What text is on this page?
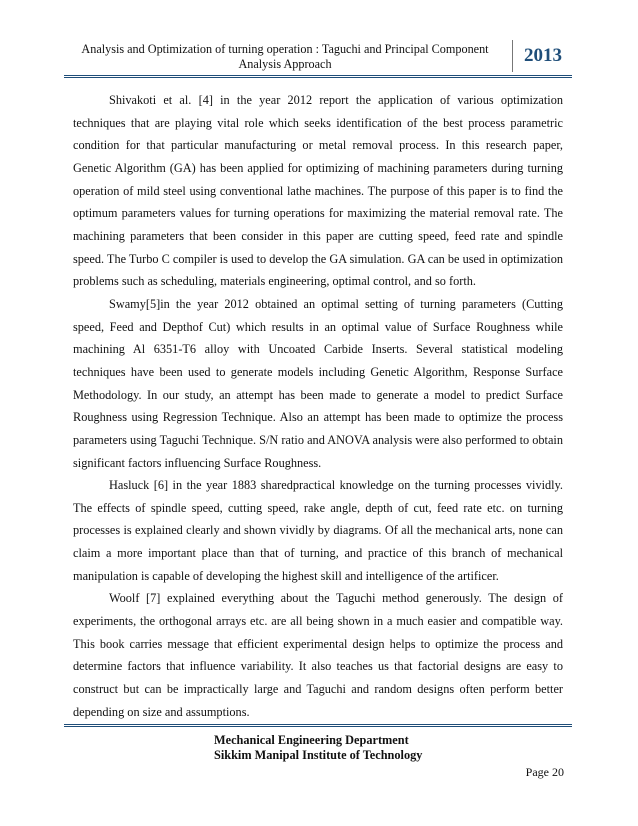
Analysis and Optimization of turning operation : Taguchi and Principal Component
Analysis Approach	2013

Shivakoti et al. [4] in the year 2012 report the application of various optimization techniques that are playing vital role which seeks identification of the best process parametric condition for that particular manufacturing or metal removal process. In this research paper, Genetic Algorithm (GA) has been applied for optimizing of machining parameters during turning operation of mild steel using conventional lathe machines. The purpose of this paper is to find the optimum parameters values for turning operations for maximizing the material removal rate. The machining parameters that been consider in this paper are cutting speed, feed rate and spindle speed. The Turbo C compiler is used to develop the GA simulation. GA can be used in optimization problems such as scheduling, materials engineering, optimal control, and so forth.

Swamy[5]in the year 2012 obtained an optimal setting of turning parameters (Cutting speed, Feed and Depthof Cut) which results in an optimal value of Surface Roughness while machining Al 6351-T6 alloy with Uncoated Carbide Inserts. Several statistical modeling techniques have been used to generate models including Genetic Algorithm, Response Surface Methodology. In our study, an attempt has been made to generate a model to predict Surface Roughness using Regression Technique. Also an attempt has been made to optimize the process parameters using Taguchi Technique. S/N ratio and ANOVA analysis were also performed to obtain significant factors influencing Surface Roughness.

Hasluck [6] in the year 1883 sharedpractical knowledge on the turning processes vividly. The effects of spindle speed, cutting speed, rake angle, depth of cut, feed rate etc. on turning processes is explained clearly and shown vividly by diagrams. Of all the mechanical arts, none can claim a more important place than that of turning, and practice of this branch of mechanical manipulation is capable of developing the highest skill and intelligence of the artificer.

Woolf [7] explained everything about the Taguchi method generously. The design of experiments, the orthogonal arrays etc. are all being shown in a much easier and compatible way. This book carries message that efficient experimental design helps to optimize the process and determine factors that influence variability. It also teaches us that factorial designs are easy to construct but can be impractically large and Taguchi and random designs often perform better depending on size and assumptions.

Mechanical Engineering Department
Sikkim Manipal Institute of Technology
Page 20
